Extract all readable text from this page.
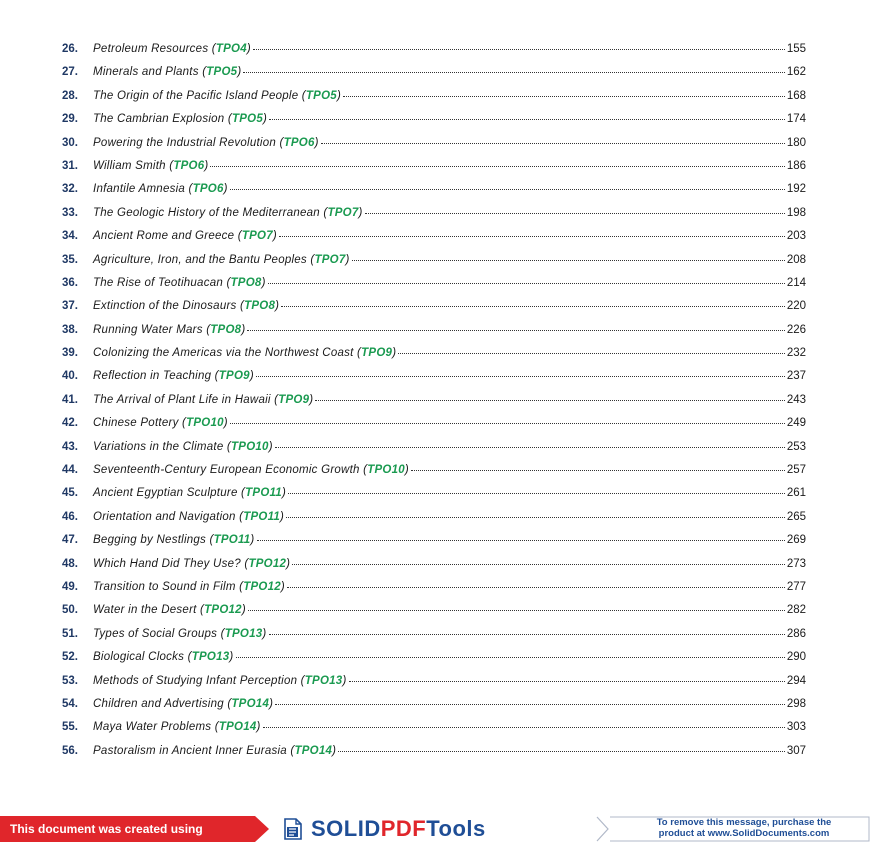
26.	Petroleum Resources (TPO4)	155
27.	Minerals and Plants (TPO5)	162
28.	The Origin of the Pacific Island People (TPO5)	168
29.	The Cambrian Explosion (TPO5)	174
30.	Powering the Industrial Revolution (TPO6)	180
31.	William Smith (TPO6)	186
32.	Infantile Amnesia (TPO6)	192
33.	The Geologic History of the Mediterranean (TPO7)	198
34.	Ancient Rome and Greece (TPO7)	203
35.	Agriculture, Iron, and the Bantu Peoples (TPO7)	208
36.	The Rise of Teotihuacan (TPO8)	214
37.	Extinction of the Dinosaurs (TPO8)	220
38.	Running Water Mars (TPO8)	226
39.	Colonizing the Americas via the Northwest Coast (TPO9)	232
40.	Reflection in Teaching (TPO9)	237
41.	The Arrival of Plant Life in Hawaii (TPO9)	243
42.	Chinese Pottery (TPO10)	249
43.	Variations in the Climate (TPO10)	253
44.	Seventeenth-Century European Economic Growth (TPO10)	257
45.	Ancient Egyptian Sculpture (TPO11)	261
46.	Orientation and Navigation (TPO11)	265
47.	Begging by Nestlings (TPO11)	269
48.	Which Hand Did They Use? (TPO12)	273
49.	Transition to Sound in Film (TPO12)	277
50.	Water in the Desert (TPO12)	282
51.	Types of Social Groups (TPO13)	286
52.	Biological Clocks (TPO13)	290
53.	Methods of Studying Infant Perception (TPO13)	294
54.	Children and Advertising (TPO14)	298
55.	Maya Water Problems (TPO14)	303
56.	Pastoralism in Ancient Inner Eurasia (TPO14)	307
This document was created using	SOLIDPDFTools	To remove this message, purchase the
product at www.SolidDocuments.com
